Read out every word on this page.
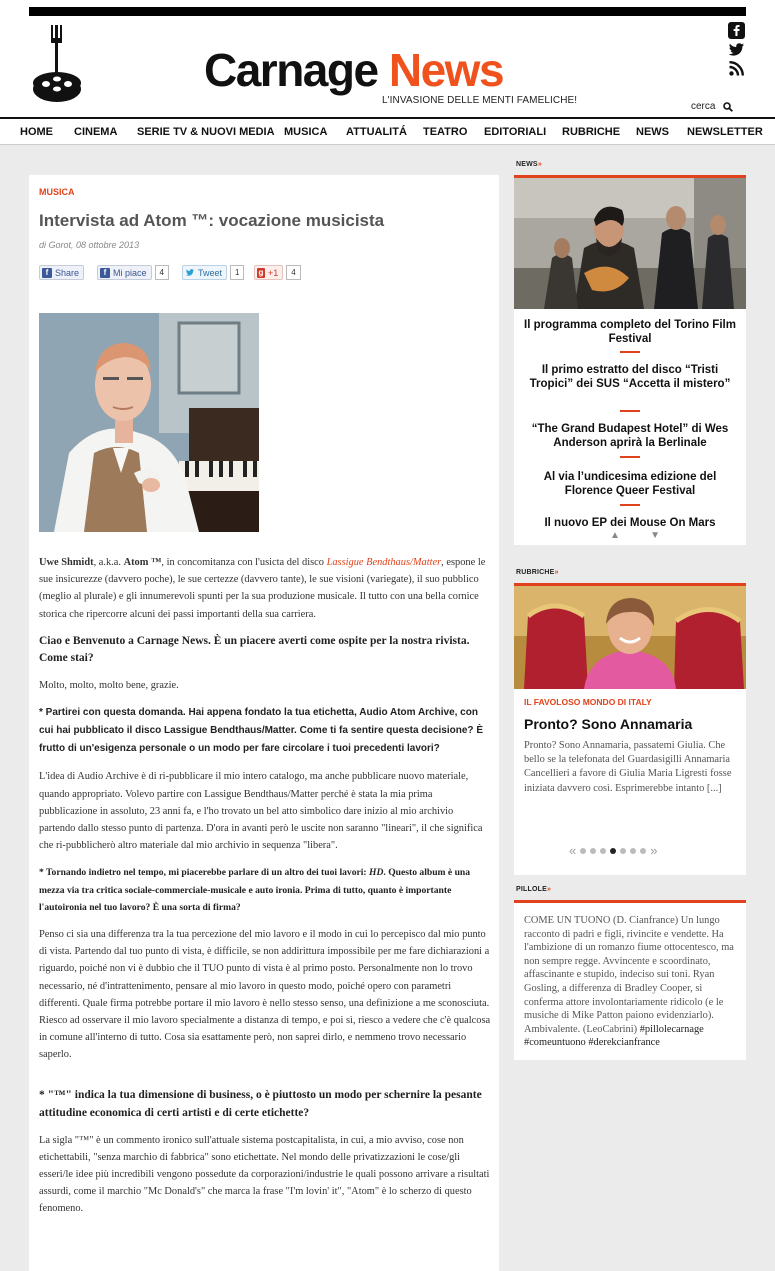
Carnage News
L'INVASIONE DELLE MENTI FAMELICHE!
cerca
HOME CINEMA SERIE TV & NUOVI MEDIA MUSICA ATTUALITÁ TEATRO EDITORIALI RUBRICHE NEWS NEWSLETTER
MUSICA
Intervista ad Atom ™: vocazione musicista
di Gorot, 08 ottobre 2013
f Share	f Mi piace	4	Tweet	1	g +1	4

Uwe Shmidt, a.k.a. Atom ™, in concomitanza con l'usicta del disco Lassigue Bendthaus/Matter, espone le sue insicurezze (davvero poche), le sue certezze (davvero tante), le sue visioni (variegate), il suo pubblico (meglio al plurale) e gli innumerevoli spunti per la sua produzione musicale. Il tutto con una bella cornice storica che ripercorre alcuni dei passi importanti della sua carriera.

Ciao e Benvenuto a Carnage News. È un piacere averti come ospite per la nostra rivista. Come stai?

Molto, molto, molto bene, grazie.

* Partirei con questa domanda. Hai appena fondato la tua etichetta, Audio Atom Archive, con cui hai pubblicato il disco Lassigue Bendthaus/Matter. Come ti fa sentire questa decisione? È frutto di un'esigenza personale o un modo per fare circolare i tuoi precedenti lavori?

L'idea di Audio Archive è di ri-pubblicare il mio intero catalogo, ma anche pubblicare nuovo materiale, quando appropriato. Volevo partire con Lassigue Bendthaus/Matter perché è stata la mia prima pubblicazione in assoluto, 23 anni fa, e l'ho trovato un bel atto simbolico dare inizio al mio archivio partendo dallo stesso punto di partenza. D'ora in avanti però le uscite non saranno "lineari", il che significa che ri-pubblicherò altro materiale dal mio archivio in sequenza "libera".

* Tornando indietro nel tempo, mi piacerebbe parlare di un altro dei tuoi lavori: HD. Questo album è una mezza via tra critica sociale-commerciale-musicale e auto ironia. Prima di tutto, quanto è importante l'autoironia nel tuo lavoro? È una sorta di firma?

Penso ci sia una differenza tra la tua percezione del mio lavoro e il modo in cui lo percepisco dal mio punto di vista. Partendo dal tuo punto di vista, è difficile, se non addirittura impossibile per me fare dichiarazioni a riguardo, poiché non vi è dubbio che il TUO punto di vista è al primo posto. Personalmente non lo trovo necessario, né d'intrattenimento, pensare al mio lavoro in questo modo, poiché opero con parametri differenti. Quale firma potrebbe portare il mio lavoro è nello stesso senso, una definizione a me sconosciuta. Riesco ad osservare il mio lavoro specialmente a distanza di tempo, e poi sì, riesco a vedere che c'è qualcosa in comune all'interno di tutto. Cosa sia esattamente però, non saprei dirlo, e nemmeno trovo necessario saperlo.

* "™" indica la tua dimensione di business, o è piuttosto un modo per schernire la pesante attitudine economica di certi artisti e di certe etichette?

La sigla "™" è un commento ironico sull'attuale sistema postcapitalista, in cui, a mio avviso, cose non etichettabili, "senza marchio di fabbrica" sono etichettate. Nel mondo delle privatizzazioni le cose/gli esseri/le idee più incredibili vengono possedute da corporazioni/industrie le quali possono arrivare a risultati assurdi, come il marchio "Mc Donald's" che marca la frase "I'm lovin' it", "Atom" è lo scherzo di questo fenomeno.

NEWS»
Il programma completo del Torino Film Festival
Il primo estratto del disco “Tristi Tropici” dei SUS “Accetta il mistero”
“The Grand Budapest Hotel” di Wes Anderson aprirà la Berlinale
Al via l’undicesima edizione del Florence Queer Festival
Il nuovo EP dei Mouse On Mars
▲	▼
RUBRICHE»
IL FAVOLOSO MONDO DI ITALY
Pronto? Sono Annamaria
Pronto? Sono Annamaria, passatemi Giulia. Che bello se la telefonata del Guardasigilli Annamaria Cancellieri a favore di Giulia Maria Ligresti fosse iniziata davvero così. Esprimerebbe intanto [...]
«	»
PILLOLE»
COME UN TUONO (D. Cianfrance) Un lungo racconto di padri e figli, rivincite e vendette. Ha l'ambizione di un romanzo fiume ottocentesco, ma non sempre regge. Avvincente e scoordinato, affascinante e stupido, indeciso sui toni. Ryan Gosling, a differenza di Bradley Cooper, si conferma attore involontariamente ridicolo (e le musiche di Mike Patton paiono evidenziarlo). Ambivalente. (LeoCabrini) #pillolecarnage #comeuntuono #derekcianfrance
